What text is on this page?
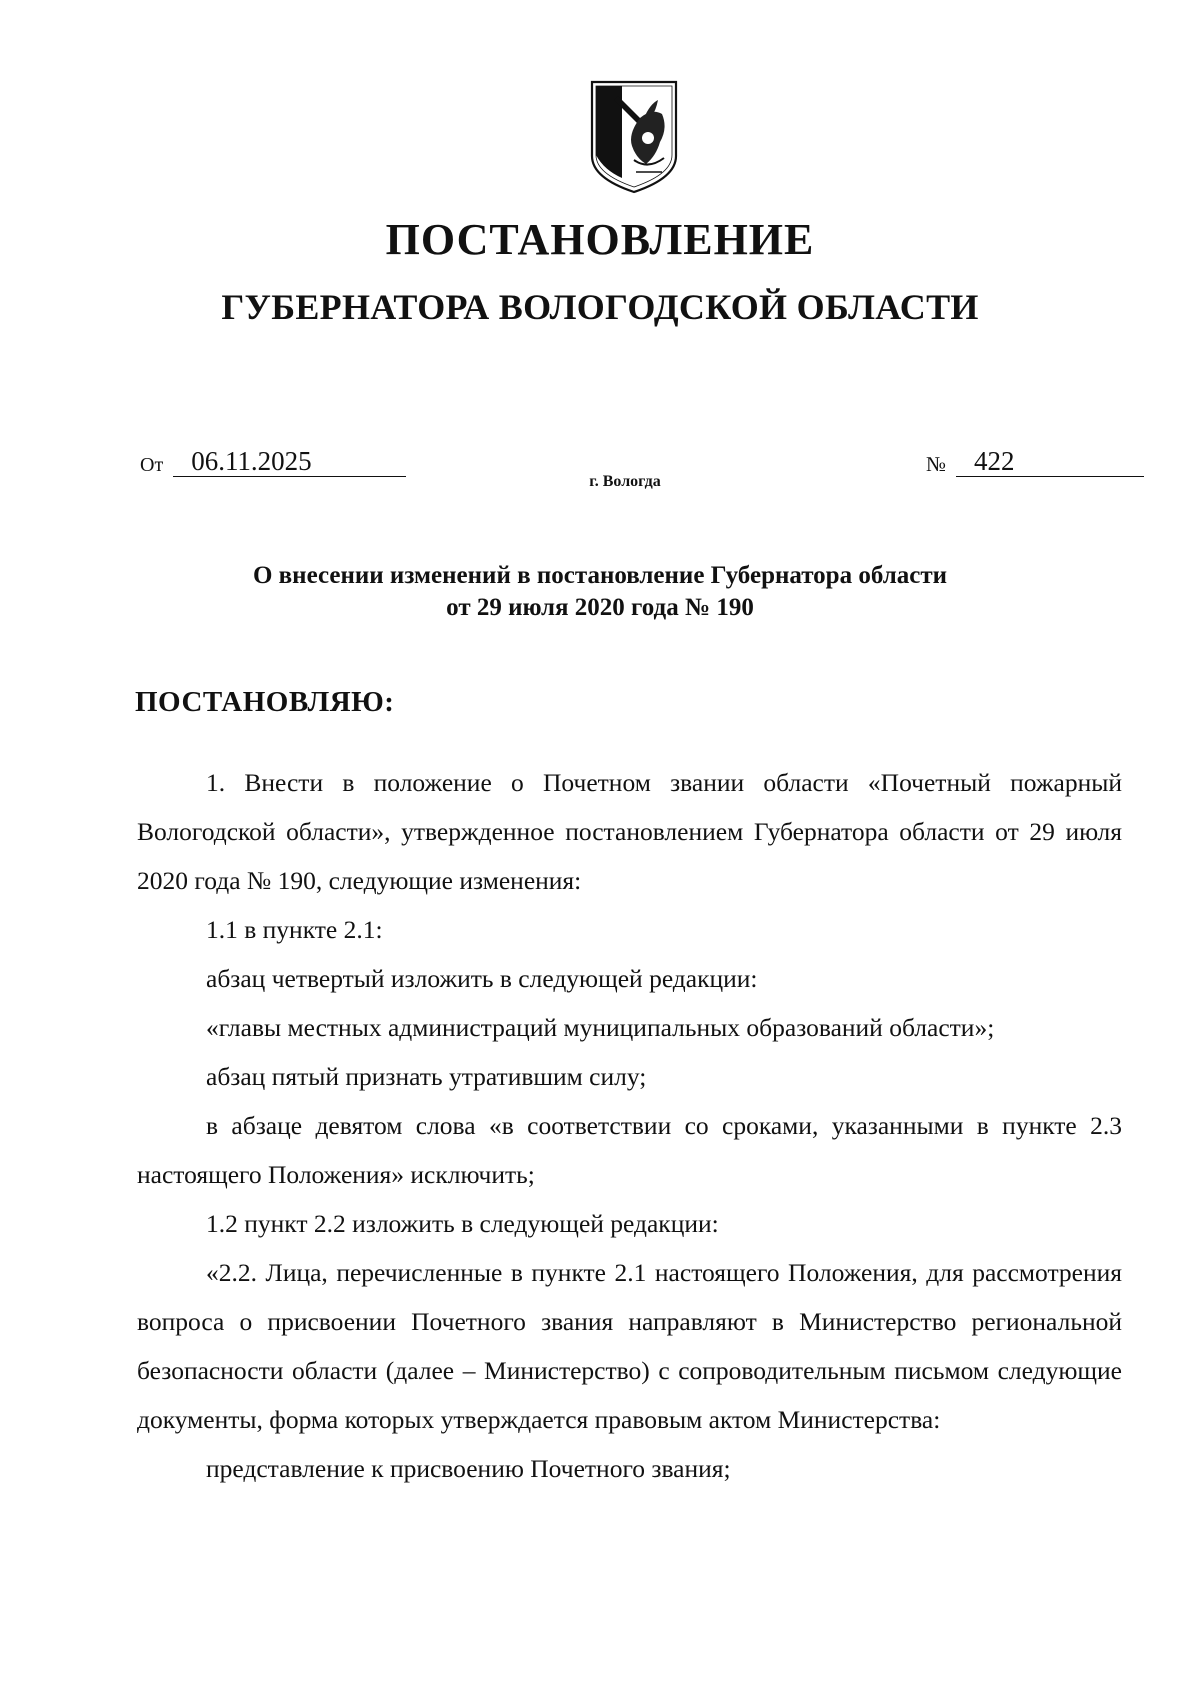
ПОСТАНОВЛЕНИЕ
ГУБЕРНАТОРА ВОЛОГОДСКОЙ ОБЛАСТИ
От	06.11.2025	№	422
г. Вологда
О внесении изменений в постановление Губернатора области
от 29 июля 2020 года № 190
ПОСТАНОВЛЯЮ:

1. Внести в положение о Почетном звании области «Почетный пожарный Вологодской области», утвержденное постановлением Губернатора области от 29 июля 2020 года № 190, следующие изменения:

1.1 в пункте 2.1:

абзац четвертый изложить в следующей редакции:

«главы местных администраций муниципальных образований области»;

абзац пятый признать утратившим силу;

в абзаце девятом слова «в соответствии со сроками, указанными в пункте 2.3 настоящего Положения» исключить;

1.2 пункт 2.2 изложить в следующей редакции:

«2.2. Лица, перечисленные в пункте 2.1 настоящего Положения, для рассмотрения вопроса о присвоении Почетного звания направляют в Министерство региональной безопасности области (далее – Министерство) с сопроводительным письмом следующие документы, форма которых утверждается правовым актом Министерства:

представление к присвоению Почетного звания;
